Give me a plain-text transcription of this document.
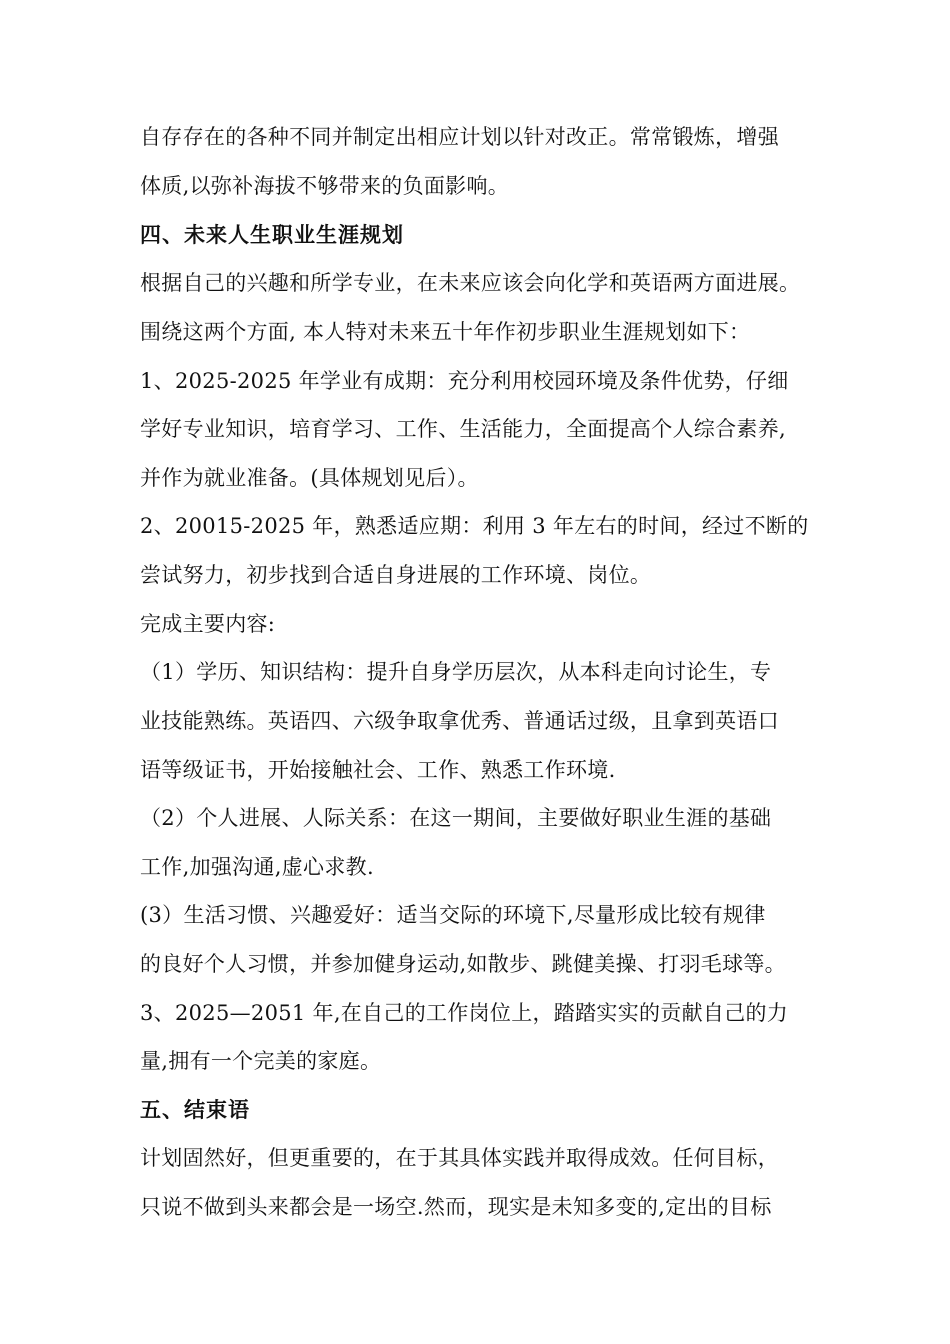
自存存在的各种不同并制定出相应计划以针对改正。常常锻炼，增强
体质,以弥补海拔不够带来的负面影响。
四、未来人生职业生涯规划
根据自己的兴趣和所学专业，在未来应该会向化学和英语两方面进展。
围绕这两个方面, 本人特对未来五十年作初步职业生涯规划如下：
1、2025-2025 年学业有成期：充分利用校园环境及条件优势，仔细
学好专业知识，培育学习、工作、生活能力，全面提高个人综合素养,
并作为就业准备。(具体规划见后）。
2、20015-2025 年，熟悉适应期：利用 3 年左右的时间，经过不断的
尝试努力，初步找到合适自身进展的工作环境、岗位。
完成主要内容:
（1）学历、知识结构：提升自身学历层次，从本科走向讨论生，专
业技能熟练。英语四、六级争取拿优秀、普通话过级，且拿到英语口
语等级证书，开始接触社会、工作、熟悉工作环境.
（2）个人进展、人际关系：在这一期间，主要做好职业生涯的基础
工作,加强沟通,虚心求教.
(3）生活习惯、兴趣爱好：适当交际的环境下,尽量形成比较有规律
的良好个人习惯，并参加健身运动,如散步、跳健美操、打羽毛球等。
3、2025—2051 年,在自己的工作岗位上，踏踏实实的贡献自己的力
量,拥有一个完美的家庭。
五、结束语
计划固然好，但更重要的，在于其具体实践并取得成效。任何目标，
只说不做到头来都会是一场空.然而，现实是未知多变的,定出的目标
